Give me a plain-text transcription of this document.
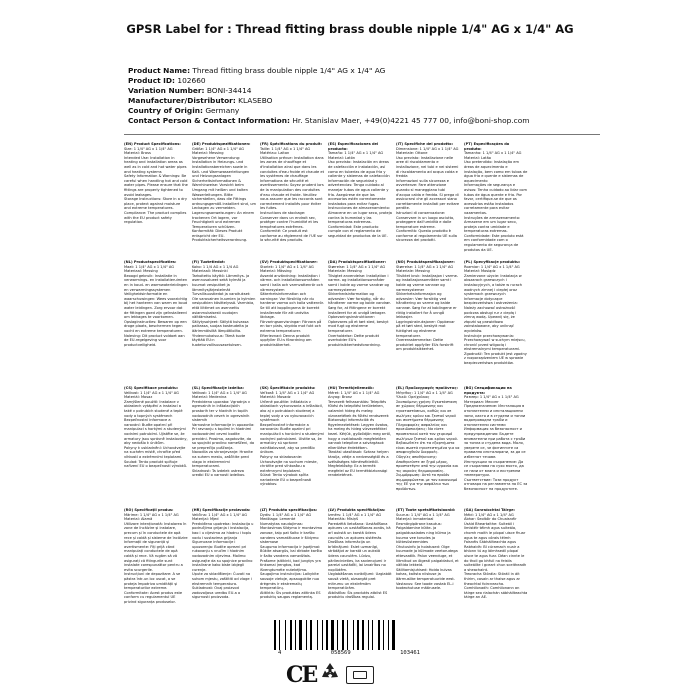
GPSR Label for : Thread fitting brass double nipple 1/4" AG x 1/4" AG
Product Name: Thread fitting brass double nipple 1/4" AG x 1/4" AG
Product ID: 102660
Variation Number: BONI-34414
Manufacturer/Distributor: KLASEBO
Country of Origin: Germany
Contact Person & Contact Information: Hr. Stanislav Maer, +49(0)4221 45 777 00, info@boni-shop.com
(EN) Product Specifications:
Size: 1 1/4" AG x 1 1/4" AG
Material: Brass
Intended Use: Installation in heating and installation areas as well as in cold and hot water pipes and heating systems
Safety Information & Warnings: Be careful when handling hot and cold water pipes. Please ensure that the fittings are properly tightened to avoid leakages.
Storage Instructions: Store in a dry place, protect against moisture and extreme temperatures.
Compliance: The product complies with the EU product safety regulation.
(DE) Produktspezifikationen:
Größe: 1 1/4" AG x 1 1/4" AG
Material: Messing
Vorgesehene Verwendung: Installation in Heizungs- und Installationsbereichen sowie in Kalt- und Warmwasserleitungen und Heizungsanlagen
Sicherheitsinformationen & Warnhinweise: Vorsicht beim Umgang mit heißen und kalten Wasserleitungen. Bitte sicherstellen, dass die Fittings ordnungsgemäß installiert sind, um Leckagen zu vermeiden.
Lagerungsanweisungen: An einem trockenen Ort lagern, vor Feuchtigkeit und extremen Temperaturen schützen.
Konformität: Dieses Produkt entspricht der EU-Produktsicherheitsverordnung.
(FR) Spécifications du produit:
Taille: 1 1/4" AG x 1 1/4" AG
Matériau: Laiton
Utilisation prévue: Installation dans les zones de chauffage et d'installation ainsi que dans les conduites d'eau froide et chaude et les systèmes de chauffage
Informations de sécurité et avertissements: Soyez prudent lors de la manipulation des conduites d'eau chaude et froide. Veuillez vous assurer que les raccords sont correctement installés pour éviter les fuites.
Instructions de stockage: Conserver dans un endroit sec, protéger contre l'humidité et les températures extrêmes.
Conformité: Ce produit est conforme au règlement de l'UE sur la sécurité des produits.
(ES) Especificaciones del producto:
Tamaño: 1 1/4" AG x 1 1/4" AG
Material: Latón
Uso previsto: Instalación en áreas de calefacción e instalación, así como en tuberías de agua fría y caliente y sistemas de calefacción
Información de seguridad y advertencias: Tenga cuidado al manejar tubos de agua caliente y fría. Asegúrese de que los accesorios estén correctamente instalados para evitar fugas.
Instrucciones de almacenamiento: Almacene en un lugar seco, proteja contra la humedad y las temperaturas extremas.
Conformidad: Este producto cumple con el reglamento de seguridad de productos de la UE.
(IT) Specifiche del prodotto:
Dimensione: 1 1/4" AG x 1 1/4" AG
Materiale: Ottone
Uso previsto: Installazione nelle aree di riscaldamento e installazione, nei tubi e nei sistemi di riscaldamento ad acqua calda e fredda
Informazioni sulla sicurezza e avvertenze: Fare attenzione quando si maneggiano tubi d'acqua calda e fredda. Si prega di assicurarsi che gli accessori siano correttamente installati per evitare perdite.
Istruzioni di conservazione: Conservare in un luogo asciutto, proteggere dall'umidità e dalle temperature estreme.
Conformità: Questo prodotto è conforme al regolamento UE sulla sicurezza dei prodotti.
(PT) Especificações do produto:
Tamanho: 1 1/4" AG x 1 1/4" AG
Material: Latão
Uso pretendido: Instalação em áreas de aquecimento e instalação, bem como em tubos de água fria e quente e sistemas de aquecimento
Informações de segurança e avisos: Tenha cuidado ao lidar com tubos de água quente e fria. Por favor, certifique-se de que os acessórios estão instalados corretamente para evitar vazamentos.
Instruções de armazenamento: Armazene em um lugar seco, proteja contra umidade e temperaturas extremas.
Conformidade: Este produto está em conformidade com o regulamento de segurança de produtos da UE.
(NL) Productspecificaties:
Maat: 1 1/4" AG x 1 1/4" AG
Materiaal: Messing
Beoogd gebruik: Installatie in verwarmings- en installatieruimten en in koud- en warmwaterleidingen en verwarmingssystemen
Veiligheidsinformatie en waarschuwingen: Wees voorzichtig bij het hanteren van warm en koud water leidingen. Zorg ervoor dat de fittingen goed zijn geïnstalleerd om lekkages te voorkomen.
Opslaginstructies: Bewaren op een droge plaats, beschermen tegen vocht en extreme temperaturen.
Naleving: Dit product voldoet aan de EU-regelgeving voor productveiligheid.
(FI) Tuotetiedot:
Koko: 1 1/4 AG x 1 1/4 AG
Materiaali: Messinki
Tarkoitettu käyttö: Lämmitys- ja asennusalueet sekä kylmät ja kuumat vesiputket ja lämmitysjärjestelmät
Turvallisuustiedot ja varoitukset: Ole varovainen kuumien ja kylmien vesiputkien käsittelyssä. Varmista, että liittimet on asennettu asianmukaisesti vuotojen välttämiseksi.
Säilytysohjeet: Säilytä kuivassa paikassa, suojaa kosteudelta ja äärimmäisiltä lämpötiloilta.
Yhdenmukaisuus: Tämä tuote täyttää EU:n tuoteturvallisuusasetuksen.
(SV) Produktspecifikationer:
Storlek: 1 1/4" AG x 1 1/4" AG
Material: Mässing
Avsedd användning: Installation i värme- och installationsområden samt i kalla och varmvattenrör och värmesystem
Säkerhetsinformation och varningar: Var försiktig när du hanterar varma och kalla vattenrör. Se till att kopplingarna är korrekt installerade för att undvika läckage.
Förvaringsanvisningar: Förvara på en torr plats, skydda mot fukt och extrema temperaturer.
Efterlevnad: Denna produkt uppfyller EU:s förordning om produktsäkerhet.
(DA) Produktspecifikationer:
Størrelse: 1 1/4" AG x 1 1/4" AG
Materiale: Messing
Tilsigtet anvendelse: Installation i varme- og installationsområder samt i kolde og varme vandrør og varmesystemer
Sikkerhedsinformation og advarsler: Vær forsigtig, når du håndterer varme og kolde vandrør. Sørg for, at fittingene er korrekt installeret for at undgå lækager.
Opbevaringsinstruktioner: Opbevares på et tørt sted, beskyt mod fugt og ekstreme temperaturer.
Overholdelse: Dette produkt overholder EU's produktsikkerhedsforordning.
(NO) Produktspesifikasjoner:
Størrelse: 1 1/4" AG x 1 1/4" AG
Materiale: Messing
Tilsiktet bruk: Installasjon i varme- og installasjonsområder samt i kalde og varme vannrør og varmesystemer
Sikkerhetsinformasjon og advarsler: Vær forsiktig ved håndtering av varme og kalde vannrør. Sørg for at koblingene er riktig installert for å unngå lekkasjer.
Lagringsinstruksjoner: Oppbevar på et tørt sted, beskytt mot fuktighet og ekstreme temperaturer.
Overensstemmelse: Dette produktet oppfyller EUs forskrift om produktsikkerhet.
(PL) Specyfikacje produktu:
Rozmiar: 1 1/4" AG x 1 1/4" AG
Materiał: Mosiądz
Zamierzone użycie: Instalacja w obszarach grzewczych i instalacyjnych, a także w rurach wodnych zimnej i ciepłej oraz systemach grzewczych
Informacje dotyczące bezpieczeństwa i ostrzeżenia: Należy zachować ostrożność podczas obsługi rur z ciepłą i zimną wodą. Upewnij się, że złączki są prawidłowo zainstalowane, aby uniknąć wycieków.
Instrukcje przechowywania: Przechowywać w suchym miejscu, chronić przed wilgocią i ekstremalnymi temperaturami.
Zgodność: Ten produkt jest zgodny z rozporządzeniem UE w sprawie bezpieczeństwa produktów.
(CS) Specifikace produktu:
Velikost: 1 1/4" AG x 1 1/4" AG
Materiál: Mosaz
Zamýšlené použití: Instalace v oblastech vytápění a instalací a také v potrubích studené a teplé vody a topných systémech
Bezpečnostní informace a varování: Buďte opatrní při manipulaci s horkými a studenými vodními potrubími. Ujistěte se, že armatury jsou správně instalovány, aby nedošlo k únikům.
Pokyny k uskladnění: Uchovávejte na suchém místě, chraňte před vlhkostí a extrémními teplotami.
Soulad: Tento produkt splňuje nařízení EU o bezpečnosti výrobků.
(SL) Specifikacije izdelka:
Velikost: 1 1/4" AG x 1 1/4" AG
Material: Medenina
Predvidena uporaba: Vgradnja v ogrevalnih in inštalacijskih prostorih ter v hladnih in toplih vodovodnih ceveh in ogrevalnih sistemih
Varnostne informacije in opozorila: Pri ravnanju s toplimi in hladnimi vodovodnimi cevmi bodite previdni. Prosimo, zagotovite, da so spojniki pravilno nameščeni, da se preprečijo puščanja.
Navodila za shranjevanje: Hranite na suhem mestu, zaščitite pred vlago in ekstremnimi temperaturami.
Skladnost: Ta izdelek ustreza uredbi EU o varnosti izdelkov.
(SK) Špecifikácie produktu:
Veľkosť: 1 1/4" AG x 1 1/4" AG
Materiál: Mosadz
Určené použitie: Inštalácia v oblastiach vykurovania a inštalácií, ako aj v potrubiach studenej a teplej vody a vo vykurovacích systémoch
Bezpečnostné informácie a varovania: Buďte opatrní pri manipulácii s horúcimi a studenými vodnými potrubiami. Uistite sa, že armatúry sú správne nainštalované, aby sa predišlo únikom.
Pokyny na skladovanie: Uchovávajte na suchom mieste, chráňte pred vlhkosťou a extrémnymi teplotami.
Súlad: Tento výrobok spĺňa nariadenie EÚ o bezpečnosti výrobkov.
(HU) Termékjellemzők:
Méret: 1 1/4" AG x 1 1/4" AG
Anyag: Bronz
Tervezett felhasználás: Telepítés fűtési és telepítési területeken, valamint hideg és meleg vízvezetékek és fűtési rendszerek
Biztonsági információk és figyelmeztetések: Legyen óvatos, ha meleg és hideg vízvezetékkel kezel. Kérjük, győződjön meg arról, hogy a csatlakozók megfelelően vannak telepítve a szivárgások elkerülése érdekében.
Tárolási utasítások: Száraz helyen tárolja, védje a nedvességtől és a szélsőséges hőmérséklettől.
Megfelelőség: Ez a termék megfelel az EU termékbiztonsági rendeletének.
(EL) Προδιαγραφές προϊόντος:
Μέγεθος: 1 1/4" AG x 1 1/4" AG
Υλικό: Ορείχαλκος
Σκοπούμενη χρήση: Εγκατάσταση σε χώρους θέρμανσης και εγκαταστάσεων, καθώς και σε σωλήνες κρύου και ζεστού νερού και συστήματα θέρμανσης
Πληροφορίες ασφαλείας και προειδοποιήσεις: Να είστε προσεκτικοί κατά τον χειρισμό σωλήνων ζεστού και κρύου νερού. Βεβαιωθείτε ότι τα εξαρτήματα είναι σωστά εγκατεστημένα για να αποφευχθούν διαρροές.
Οδηγίες αποθήκευσης: Αποθηκεύστε σε ξηρό μέρος, προστατέψτε από την υγρασία και τις ακραίες θερμοκρασίες.
Συμμόρφωση: Αυτό το προϊόν συμμορφώνεται με τον κανονισμό της ΕΕ για την ασφάλεια των προϊόντων.
(BG) Спецификации на продукта:
Размер: 1 1/4" AG x 1 1/4" AG
Материал: Месинг
Предназначение: Инсталация в отоплителни и инсталационни зони, както и в студени и топли водопроводни тръби и отоплителни системи
Информация за безопасност и предупреждения: Бъдете внимателни при работа с тръби за топла и студена вода. Моля, уверете се, че фитингите са правилно инсталирани, за да се избегнат течове.
Инструкции за съхранение: Да се съхранява на сухо място, да се пази от влага и екстремни температури.
Съответствие: Този продукт отговаря на регламента на ЕС за безопасност на продуктите.
(RO) Specificații produs:
Mărime: 1 1/4" AG x 1 1/4" AG
Material: Alamă
Utilizare intenționată: Instalarea în zone de încălzire și instalare, precum și în conductele de apă rece și caldă și sisteme de încălzire
Informații de siguranță și avertismente: Fiți grijă când manipulați conductele de apă caldă și rece. Vă rugăm să vă asigurați că fitingurile sunt instalate corespunzător pentru a evita scurgerile.
Instrucțiuni de depozitare: A se păstra într-un loc uscat, a se proteja împotriva umidității și temperaturilor extreme.
Conformitate: Acest produs este conform cu regulamentul UE privind siguranța produselor.
(HR) Specifikacije proizvoda:
Veličina: 1 1/4" AG x 1 1/4" AG
Materijal: Mjed
Predviđena upotreba: Instalacija u područjima grijanja i instalacija, kao i u cijevima za hladnu i toplu vodu i sustavima grijanja
Sigurnosne informacije i upozorenja: Budite oprezni pri rukovanju s vrućim i hladnim vodovodnim cijevima. Molimo osigurajte da su spojnice pravilno instalirane kako biste izbjegli curenje.
Upute za skladištenje: Čuvati na suhom mjestu, zaštititi od vlage i ekstremnih temperatura.
Sukladnost: Ovaj proizvod zadovoljava uredbu EU-a o sigurnosti proizvoda.
(LT) Produkto specifikacijos:
Dydis: 1 1/4" AG x 1 1/4" AG
Medžiaga: Lementė
Numatytas naudojimas: Montavimas šildymo ir montavimo zonose, taip pat šalto ir karšto vandens vamzdžiuose ir šildymo sistemose
Saugumo informacija ir įspėjimai: Būkite atsargūs, kai dirbate karšto ir šalto vandens vamzdžiais. Prašome įsitikinti, kad jungtys yra tinkamai įrengtos, kad išvengtumėte nutekėjimo.
Saugojimo instrukcijos: Laikykite sausoje vietoje, apsaugokite nuo drėgmės ir ekstremalių temperatūrų.
Atitiktis: Šis produktas atitinka ES produktų saugos reglamentą.
(LV) Produkta specifikācijas:
Izmērs: 1 1/4" AG x 1 1/4" AG
Materiāls: Misiņš
Paredzētā lietošana: Uzstādīšana apkures un uzstādīšanas zonās, kā arī aukstā un karstā ūdens caurulēs un apkures sistēmās
Drošības informācija un brīdinājumi: Esiet uzmanīgi, strādājot ar karstā un aukstā ūdens caurulēm. Lūdzu, pārliecinieties, ka savienojumi ir pareizi uzstādīti, lai izvairītos no noplūdēm.
Uzglabāšanas norādījumi: Uzglabāt sausā vietā, aizsargāt pret mitrumu un ekstrēmām temperatūrām.
Atbilstība: Šis produkts atbilst ES produktu drošības regulai.
(ET) Toote spetsifikatsioonid:
Suurus: 1 1/4" AG x 1 1/4" AG
Materjal: inmateriaal
Eesmärgipärane kasutus: Paigaldamine kütte- ja paigaldusalades ning külma ja kuuma vee torudes ja küttesüsteemides
Ohutusinfo ja hoiatused: Olge kuumade ja külmade veetorudega ettevaatlik. Palun veenduge, et liitmikud on õigesti paigaldatud, et vältida lekkeid.
Säilitamisjuhised: Hoida kuivas kohas, kaitsta niiskuse ja äärmuslike temperatuuride eest.
Vastavus: See toode vastab EL-i tooteohutuse määrusele.
(GA) Sonraíochtaí Táirge:
Méid: 1 1/4" AG x 1 1/4" AG
Ábhar: Seoltóir do Chuaisnéir
Úsáid Bheartaithe: Suiteáil i limistéir téimh agus suiteála, chomh maith le píopaí uisce fhuar agus te agus córais téimh
Faisnéis Sábháilteachta agus Rabhaidh: Bí cúramach nuair a bhíonn tú ag láimhseáil píopaí uisce te agus fuar. Déan cinnte le do thoil go bhfuil na feistis suiteáilte i gceart chun sceitheadh a sheachaint.
Treoracha Stórála: Stóráil in áit thirim, cosain ar thaise agus ar theochtaí foircneacha.
Comhlíonadh: Comhlíonann an táirge seo rialachán sábháilteachta táirge an AE.
4	058569	103461
CE
